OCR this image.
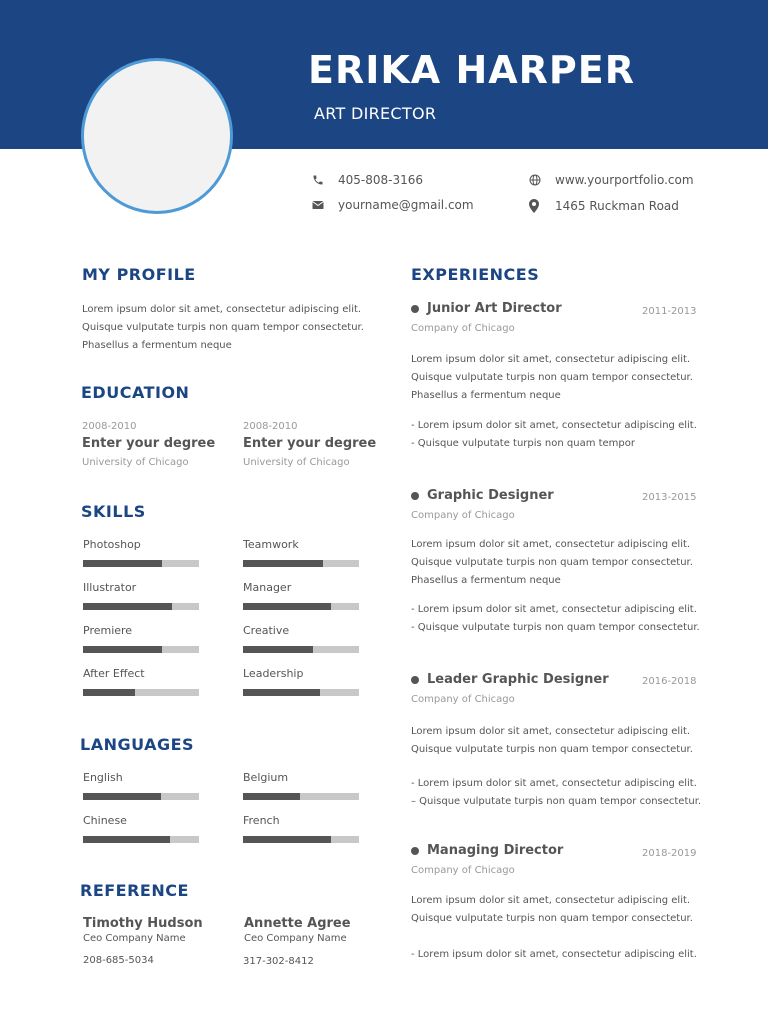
ERIKA HARPER
ART DIRECTOR
405-808-3166
yourname@gmail.com
www.yourportfolio.com
1465 Ruckman Road
MY PROFILE
Lorem ipsum dolor sit amet, consectetur adipiscing elit.
Quisque vulputate turpis non quam tempor consectetur.
Phasellus a fermentum neque
EDUCATION
2008-2010
Enter your degree
University of Chicago
2008-2010
Enter your degree
University of Chicago
SKILLS
Photoshop	Teamwork
Illustrator	Manager
Premiere	Creative
After Effect	Leadership
LANGUAGES
English	Belgium
Chinese	French
REFERENCE
Timothy Hudson
Ceo Company Name
208-685-5034
Annette Agree
Ceo Company Name
317-302-8412
EXPERIENCES
Junior Art Director	2011-2013
Company of Chicago
Lorem ipsum dolor sit amet, consectetur adipiscing elit.
Quisque vulputate turpis non quam tempor consectetur.
Phasellus a fermentum neque
- Lorem ipsum dolor sit amet, consectetur adipiscing elit.
- Quisque vulputate turpis non quam tempor
Graphic Designer	2013-2015
Company of Chicago
Lorem ipsum dolor sit amet, consectetur adipiscing elit.
Quisque vulputate turpis non quam tempor consectetur.
Phasellus a fermentum neque
- Lorem ipsum dolor sit amet, consectetur adipiscing elit.
- Quisque vulputate turpis non quam tempor consectetur.
Leader Graphic Designer	2016-2018
Company of Chicago
Lorem ipsum dolor sit amet, consectetur adipiscing elit.
Quisque vulputate turpis non quam tempor consectetur.
- Lorem ipsum dolor sit amet, consectetur adipiscing elit.
– Quisque vulputate turpis non quam tempor consectetur.
Managing Director	2018-2019
Company of Chicago
Lorem ipsum dolor sit amet, consectetur adipiscing elit.
Quisque vulputate turpis non quam tempor consectetur.
- Lorem ipsum dolor sit amet, consectetur adipiscing elit.
